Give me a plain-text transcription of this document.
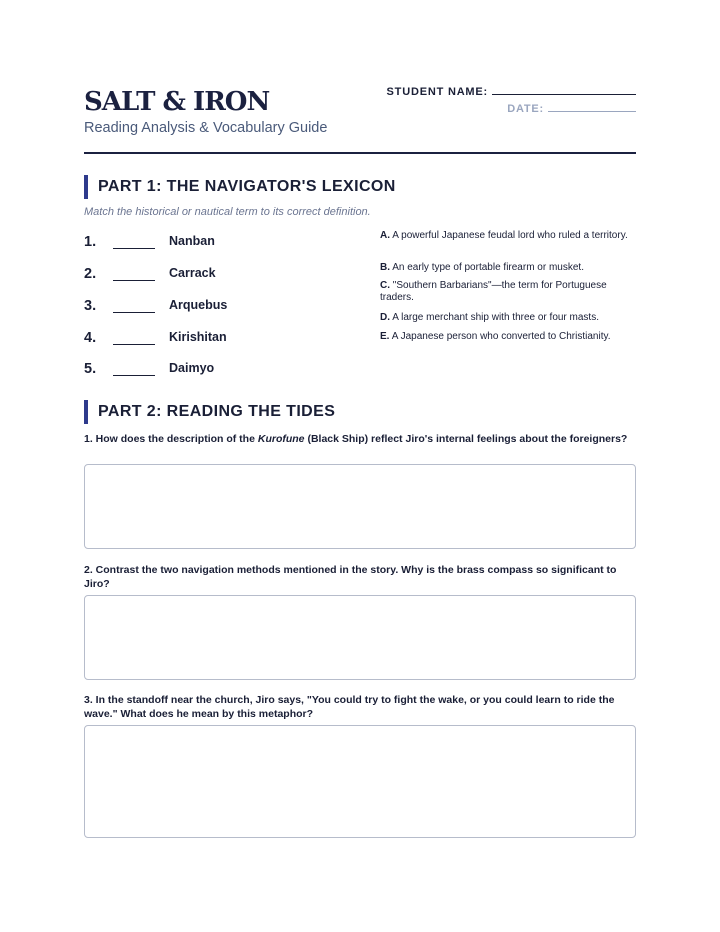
SALT & IRON
Reading Analysis & Vocabulary Guide
STUDENT NAME:
DATE:
PART 1: THE NAVIGATOR'S LEXICON
Match the historical or nautical term to its correct definition.
1.	Nanban
2.	Carrack
3.	Arquebus
4.	Kirishitan
5.	Daimyo

A. A powerful Japanese feudal lord who ruled a territory.

B. An early type of portable firearm or musket.

C. "Southern Barbarians"—the term for Portuguese traders.

D. A large merchant ship with three or four masts.

E. A Japanese person who converted to Christianity.

PART 2: READING THE TIDES

1. How does the description of the Kurofune (Black Ship) reflect Jiro's internal feelings about the foreigners?

2. Contrast the two navigation methods mentioned in the story. Why is the brass compass so significant to Jiro?

3. In the standoff near the church, Jiro says, "You could try to fight the wake, or you could learn to ride the wave." What does he mean by this metaphor?
